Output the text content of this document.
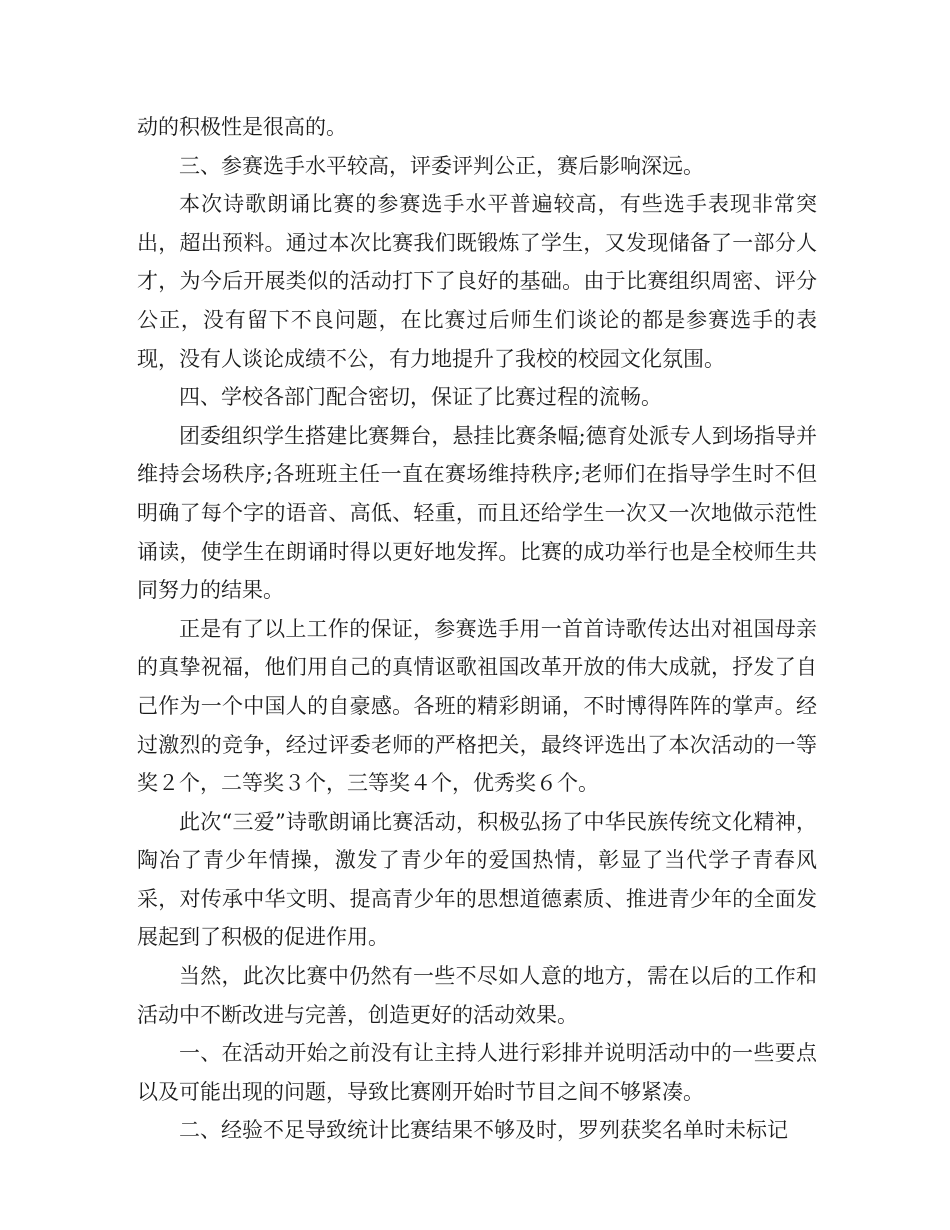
动的积极性是很高的。

三、参赛选手水平较高，评委评判公正，赛后影响深远。

本次诗歌朗诵比赛的参赛选手水平普遍较高，有些选手表现非常突出，超出预料。通过本次比赛我们既锻炼了学生，又发现储备了一部分人才，为今后开展类似的活动打下了良好的基础。由于比赛组织周密、评分公正，没有留下不良问题，在比赛过后师生们谈论的都是参赛选手的表现，没有人谈论成绩不公，有力地提升了我校的校园文化氛围。

四、学校各部门配合密切，保证了比赛过程的流畅。

团委组织学生搭建比赛舞台，悬挂比赛条幅;德育处派专人到场指导并维持会场秩序;各班班主任一直在赛场维持秩序;老师们在指导学生时不但明确了每个字的语音、高低、轻重，而且还给学生一次又一次地做示范性诵读，使学生在朗诵时得以更好地发挥。比赛的成功举行也是全校师生共同努力的结果。

正是有了以上工作的保证，参赛选手用一首首诗歌传达出对祖国母亲的真挚祝福，他们用自己的真情讴歌祖国改革开放的伟大成就，抒发了自己作为一个中国人的自豪感。各班的精彩朗诵，不时博得阵阵的掌声。经过激烈的竞争，经过评委老师的严格把关，最终评选出了本次活动的一等奖２个，二等奖３个，三等奖４个，优秀奖６个。

此次“三爱”诗歌朗诵比赛活动，积极弘扬了中华民族传统文化精神，陶冶了青少年情操，激发了青少年的爱国热情，彰显了当代学子青春风采，对传承中华文明、提高青少年的思想道德素质、推进青少年的全面发展起到了积极的促进作用。

当然，此次比赛中仍然有一些不尽如人意的地方，需在以后的工作和活动中不断改进与完善，创造更好的活动效果。

一、在活动开始之前没有让主持人进行彩排并说明活动中的一些要点以及可能出现的问题，导致比赛刚开始时节目之间不够紧凑。

二、经验不足导致统计比赛结果不够及时，罗列获奖名单时未标记
